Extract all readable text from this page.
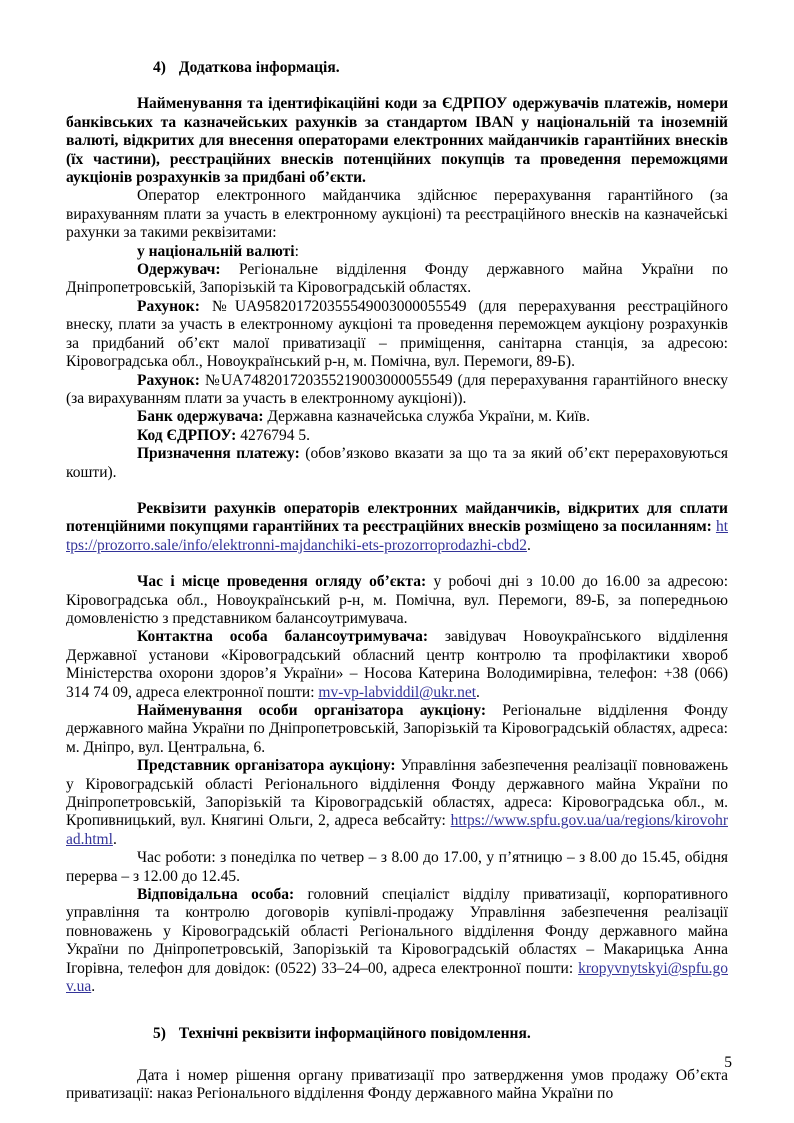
4) Додаткова інформація.

Найменування та ідентифікаційні коди за ЄДРПОУ одержувачів платежів, номери банківських та казначейських рахунків за стандартом IBAN у національній та іноземній валюті, відкритих для внесення операторами електронних майданчиків гарантійних внесків (їх частини), реєстраційних внесків потенційних покупців та проведення переможцями аукціонів розрахунків за придбані об’єкти.

Оператор електронного майданчика здійснює перерахування гарантійного (за вирахуванням плати за участь в електронному аукціоні) та реєстраційного внесків на казначейські рахунки за такими реквізитами:

у національній валюті:

Одержувач: Регіональне відділення Фонду державного майна України по Дніпропетровській, Запорізькій та Кіровоградській областях.

Рахунок: №UA958201720355549003000055549 (для перерахування реєстраційного внеску, плати за участь в електронному аукціоні та проведення переможцем аукціону розрахунків за придбаний об’єкт малої приватизації – приміщення, санітарна станція, за адресою: Кіровоградська обл., Новоукраїнський р-н, м. Помічна, вул. Перемоги, 89-Б).

Рахунок: №UA748201720355219003000055549 (для перерахування гарантійного внеску (за вирахуванням плати за участь в електронному аукціоні)).

Банк одержувача: Державна казначейська служба України, м. Київ.

Код ЄДРПОУ: 4276794 5.

Призначення платежу: (обов’язково вказати за що та за який об’єкт перераховуються кошти).

Реквізити рахунків операторів електронних майданчиків, відкритих для сплати потенційними покупцями гарантійних та реєстраційних внесків розміщено за посиланням: https://prozorro.sale/info/elektronni-majdanchiki-ets-prozorroprodazhi-cbd2.

Час і місце проведення огляду об’єкта: у робочі дні з 10.00 до 16.00 за адресою: Кіровоградська обл., Новоукраїнський р-н, м. Помічна, вул. Перемоги, 89-Б, за попередньою домовленістю з представником балансоутримувача.

Контактна особа балансоутримувача: завідувач Новоукраїнського відділення Державної установи «Кіровоградський обласний центр контролю та профілактики хвороб Міністерства охорони здоров’я України» – Носова Катерина Володимирівна, телефон: +38 (066) 314 74 09, адреса електронної пошти: mv-vp-labviddil@ukr.net.

Найменування особи організатора аукціону: Регіональне відділення Фонду державного майна України по Дніпропетровській, Запорізькій та Кіровоградській областях, адреса: м. Дніпро, вул. Центральна, 6.

Представник організатора аукціону: Управління забезпечення реалізації повноважень у Кіровоградській області Регіонального відділення Фонду державного майна України по Дніпропетровській, Запорізькій та Кіровоградській областях, адреса: Кіровоградська обл., м. Кропивницький, вул. Княгині Ольги, 2, адреса вебсайту: https://www.spfu.gov.ua/ua/regions/kirovohrad.html.

Час роботи: з понеділка по четвер – з 8.00 до 17.00, у п’ятницю – з 8.00 до 15.45, обідня перерва – з 12.00 до 12.45.

Відповідальна особа: головний спеціаліст відділу приватизації, корпоративного управління та контролю договорів купівлі-продажу Управління забезпечення реалізації повноважень у Кіровоградській області Регіонального відділення Фонду державного майна України по Дніпропетровській, Запорізькій та Кіровоградській областях – Макарицька Анна Ігорівна, телефон для довідок: (0522) 33–24–00, адреса електронної пошти: kropyvnytskyi@spfu.gov.ua.

5) Технічні реквізити інформаційного повідомлення.

Дата і номер рішення органу приватизації про затвердження умов продажу Об’єкта приватизації: наказ Регіонального відділення Фонду державного майна України по

5
